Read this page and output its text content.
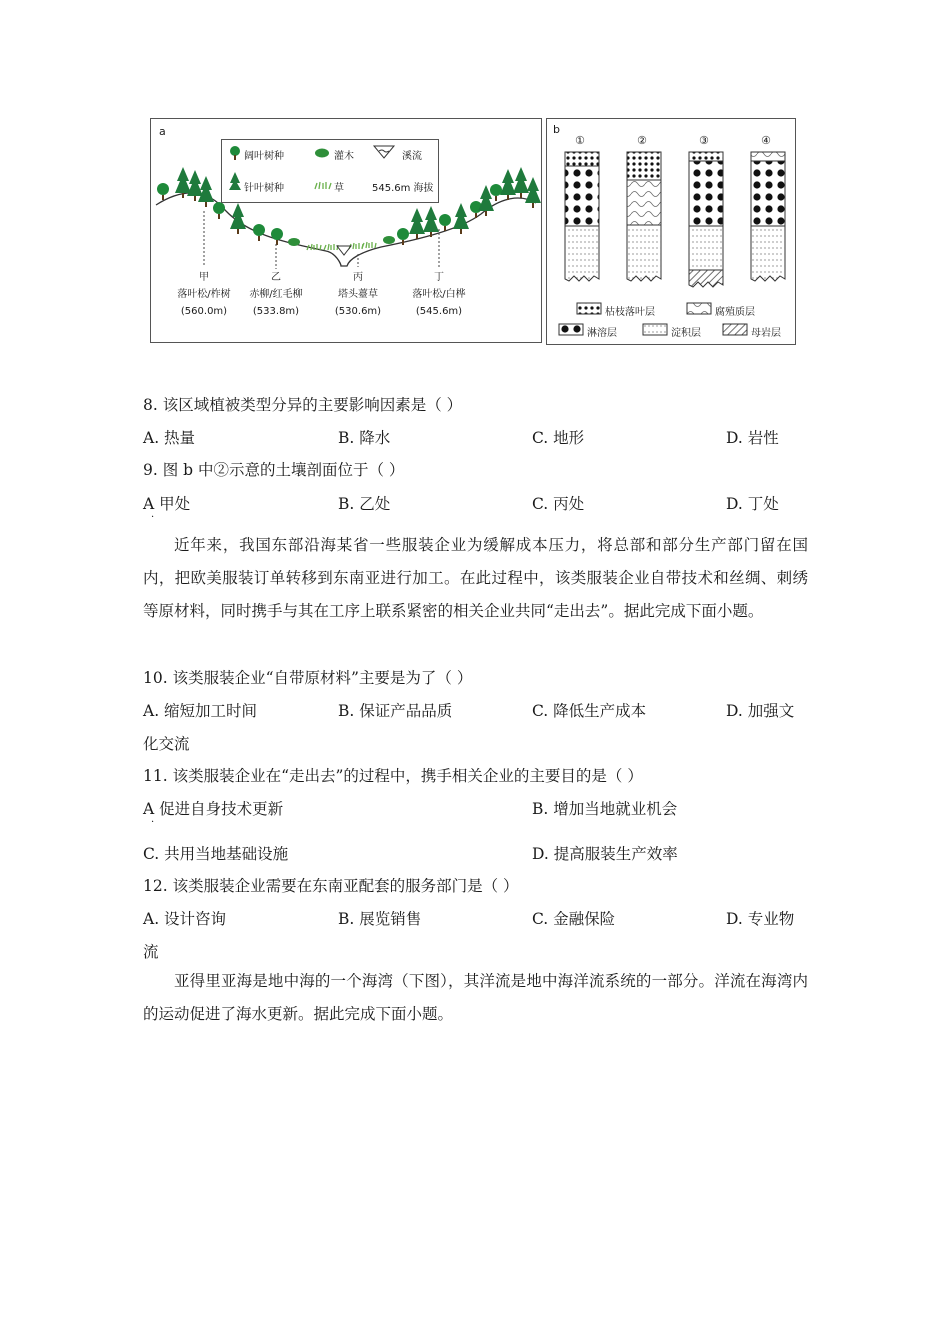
a
阔叶树种	灌木	溪流
针叶树种	草	545.6m 海拔
甲
落叶松/柞树
(560.0m)
乙
赤柳/红毛柳
(533.8m)
丙
塔头薹草
(530.6m)
丁
落叶松/白桦
(545.6m)
b
①	②	③	④
枯枝落叶层	腐殖质层
淋溶层	淀积层	母岩层
8. 该区域植被类型分异的主要影响因素是（ ）
A. 热量	B. 降水	C. 地形	D. 岩性
9. 图 b 中②示意的土壤剖面位于（ ）
A 甲处	B. 乙处	C. 丙处	D. 丁处
·

近年来，我国东部沿海某省一些服装企业为缓解成本压力，将总部和部分生产部门留在国内，把欧美服装订单转移到东南亚进行加工。在此过程中，该类服装企业自带技术和丝绸、刺绣等原材料，同时携手与其在工序上联系紧密的相关企业共同“走出去”。据此完成下面小题。

10. 该类服装企业“自带原材料”主要是为了（ ）
A. 缩短加工时间	B. 保证产品品质	C. 降低生产成本	D. 加强文
化交流
11. 该类服装企业在“走出去”的过程中，携手相关企业的主要目的是（ ）
A 促进自身技术更新	B. 增加当地就业机会
·
C. 共用当地基础设施	D. 提高服装生产效率
12. 该类服装企业需要在东南亚配套的服务部门是（ ）
A. 设计咨询	B. 展览销售	C. 金融保险	D. 专业物
流

亚得里亚海是地中海的一个海湾（下图），其洋流是地中海洋流系统的一部分。洋流在海湾内的运动促进了海水更新。据此完成下面小题。
